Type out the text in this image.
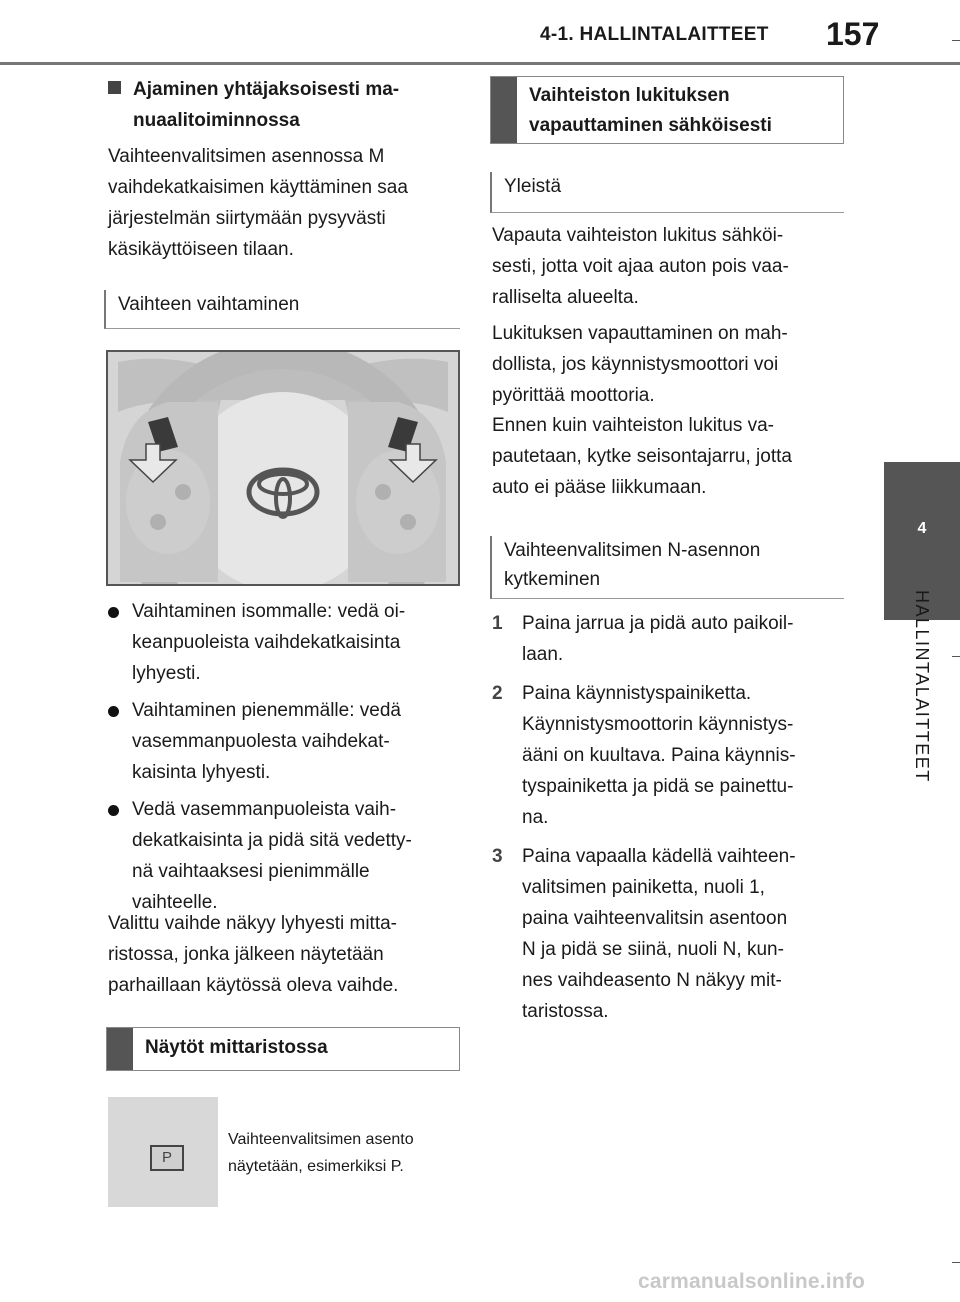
4-1. HALLINTALAITTEET 157
4
HALLINTALAITTEET
Ajaminen yhtäjaksoisesti ma-
nuaalitoiminnossa
Vaihteenvalitsimen asennossa M
vaihdekatkaisimen käyttäminen saa
järjestelmän siirtymään pysyvästi
käsikäyttöiseen tilaan.
Vaihteen vaihtaminen
Vaihtaminen isommalle: vedä oi-
keanpuoleista vaihdekatkaisinta
lyhyesti.
Vaihtaminen pienemmälle: vedä
vasemmanpuolesta vaihdekat-
kaisinta lyhyesti.
Vedä vasemmanpuoleista vaih-
dekatkaisinta ja pidä sitä vedetty-
nä vaihtaaksesi pienimmälle
vaihteelle.
Valittu vaihde näkyy lyhyesti mitta-
ristossa, jonka jälkeen näytetään
parhaillaan käytössä oleva vaihde.
Näytöt mittaristossa
P
Vaihteenvalitsimen asento
näytetään, esimerkiksi P.
Vaihteiston lukituksen
vapauttaminen sähköisesti
Yleistä
Vapauta vaihteiston lukitus sähköi-
sesti, jotta voit ajaa auton pois vaa-
ralliselta alueelta.
Lukituksen vapauttaminen on mah-
dollista, jos käynnistysmoottori voi
pyörittää moottoria.
Ennen kuin vaihteiston lukitus va-
pautetaan, kytke seisontajarru, jotta
auto ei pääse liikkumaan.
Vaihteenvalitsimen N-asennon
kytkeminen
1 Paina jarrua ja pidä auto paikoil-
laan.
2 Paina käynnistyspainiketta.
Käynnistysmoottorin käynnistys-
ääni on kuultava. Paina käynnis-
tyspainiketta ja pidä se painettu-
na.
3 Paina vapaalla kädellä vaihteen-
valitsimen painiketta, nuoli 1,
paina vaihteenvalitsin asentoon
N ja pidä se siinä, nuoli N, kun-
nes vaihdeasento N näkyy mit-
taristossa.
carmanualsonline.info
